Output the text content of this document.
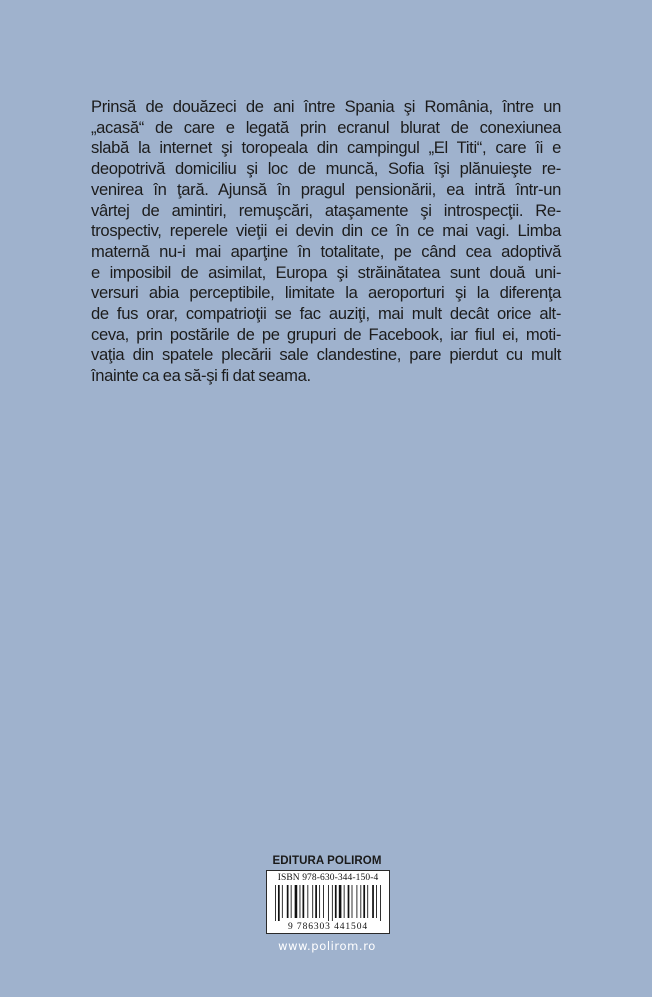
Prinsă de douăzeci de ani între Spania şi România, între un
„acasă“ de care e legată prin ecranul blurat de conexiunea
slabă la internet şi toropeala din campingul „El Titi“, care îi e
deopotrivă domiciliu şi loc de muncă, Sofia îşi plănuieşte re-
venirea în ţară. Ajunsă în pragul pensionării, ea intră într-un
vârtej de amintiri, remuşcări, ataşamente şi introspecţii. Re-
trospectiv, reperele vieţii ei devin din ce în ce mai vagi. Limba
maternă nu-i mai aparţine în totalitate, pe când cea adoptivă
e imposibil de asimilat, Europa şi străinătatea sunt două uni-
versuri abia perceptibile, limitate la aeroporturi şi la diferenţa
de fus orar, compatrioţii se fac auziţi, mai mult decât orice alt-
ceva, prin postările de pe grupuri de Facebook, iar fiul ei, moti-
vaţia din spatele plecării sale clandestine, pare pierdut cu mult
înainte ca ea să-şi fi dat seama.
EDITURA POLIROM
ISBN 978-630-344-150-4
9 786303 441504
www.polirom.ro
